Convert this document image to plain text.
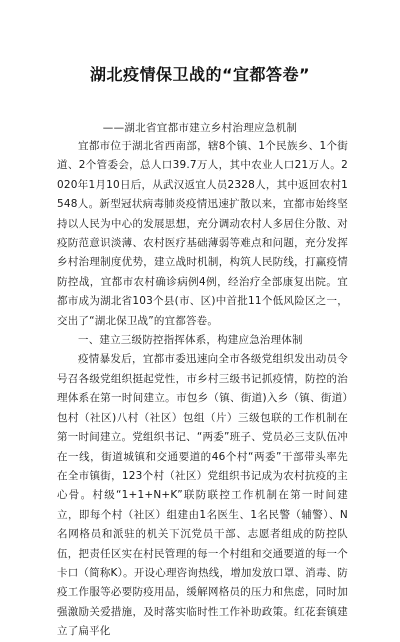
湖北疫情保卫战的“宜都答卷”
——湖北省宜都市建立乡村治理应急机制

宜都市位于湖北省西南部，辖8个镇、1个民族乡、1个街道、2个管委会，总人口39.7万人，其中农业人口21万人。2020年1月10日后，从武汉返宜人员2328人，其中返回农村1548人。新型冠状病毒肺炎疫情迅速扩散以来，宜都市始终坚持以人民为中心的发展思想，充分调动农村人多居住分散、对疫防范意识淡薄、农村医疗基础薄弱等难点和问题，充分发挥乡村治理制度优势，建立战时机制，构筑人民防线，打赢疫情防控战，宜都市农村确诊病例4例，经治疗全部康复出院。宜都市成为湖北省103个县(市、区)中首批11个低风险区之一，交出了“湖北保卫战”的宜都答卷。

一、建立三级防控指挥体系，构建应急治理体制

疫情暴发后，宜都市委迅速向全市各级党组织发出动员令号召各级党组织挺起党性，市乡村三级书记抓疫情，防控的治理体系在第一时间建立。市包乡（镇、街道)入乡（镇、街道）包村（社区)八村（社区）包组（片）三级包联的工作机制在第一时间建立。党组织书记、“两委”班子、党员必三支队伍冲在一线，街道城镇和交通要道的46个村“两委”干部带头率先在全市镇街，123个村（社区）党组织书记成为农村抗疫的主心骨。村级“1+1+N+K”联防联控工作机制在第一时间建立，即每个村（社区）组建由1名医生、1名民警（辅警）、N名网格员和派驻的机关下沉党员干部、志愿者组成的防控队伍，把责任区实在村民管理的每一个村组和交通要道的每一个卡口（简称K）。开设心理咨询热线，增加发放口罩、消毒、防疫工作服等必要防疫用品，缓解网格员的压力和焦虑，同时加强激励关爱措施，及时落实临时性工作补助政策。红花套镇建立了扁平化
